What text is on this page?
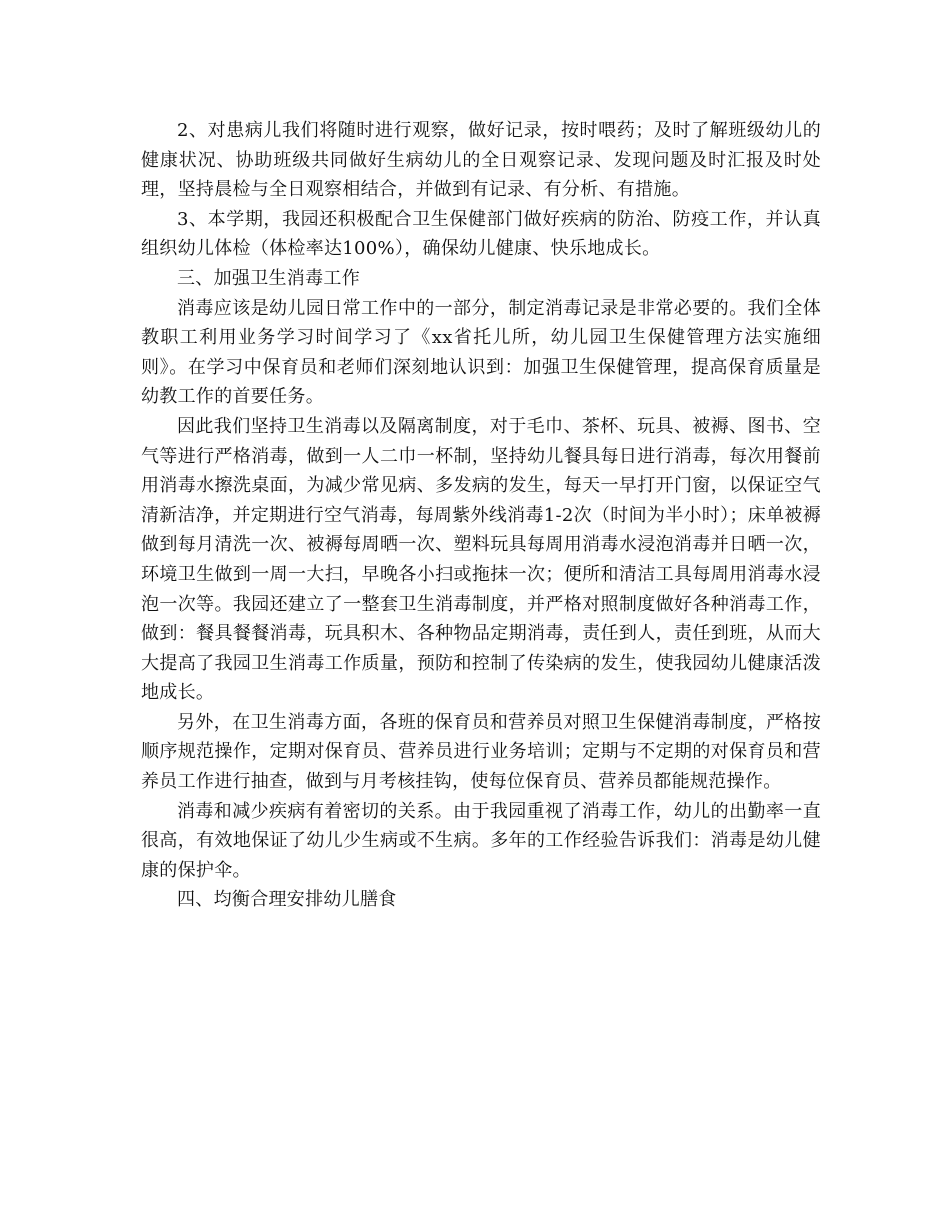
2、对患病儿我们将随时进行观察，做好记录，按时喂药；及时了解班级幼儿的健康状况、协助班级共同做好生病幼儿的全日观察记录、发现问题及时汇报及时处理，坚持晨检与全日观察相结合，并做到有记录、有分析、有措施。

3、本学期，我园还积极配合卫生保健部门做好疾病的防治、防疫工作，并认真组织幼儿体检（体检率达100%），确保幼儿健康、快乐地成长。

三、加强卫生消毒工作

消毒应该是幼儿园日常工作中的一部分，制定消毒记录是非常必要的。我们全体教职工利用业务学习时间学习了《xx省托儿所，幼儿园卫生保健管理方法实施细则》。在学习中保育员和老师们深刻地认识到：加强卫生保健管理，提高保育质量是幼教工作的首要任务。

因此我们坚持卫生消毒以及隔离制度，对于毛巾、茶杯、玩具、被褥、图书、空气等进行严格消毒，做到一人二巾一杯制，坚持幼儿餐具每日进行消毒，每次用餐前用消毒水擦洗桌面，为减少常见病、多发病的发生，每天一早打开门窗，以保证空气清新洁净，并定期进行空气消毒，每周紫外线消毒1-2次（时间为半小时）；床单被褥做到每月清洗一次、被褥每周晒一次、塑料玩具每周用消毒水浸泡消毒并日晒一次，环境卫生做到一周一大扫，早晚各小扫或拖抹一次；便所和清洁工具每周用消毒水浸泡一次等。我园还建立了一整套卫生消毒制度，并严格对照制度做好各种消毒工作，做到：餐具餐餐消毒，玩具积木、各种物品定期消毒，责任到人，责任到班，从而大大提高了我园卫生消毒工作质量，预防和控制了传染病的发生，使我园幼儿健康活泼地成长。

另外，在卫生消毒方面，各班的保育员和营养员对照卫生保健消毒制度，严格按顺序规范操作，定期对保育员、营养员进行业务培训；定期与不定期的对保育员和营养员工作进行抽查，做到与月考核挂钩，使每位保育员、营养员都能规范操作。

消毒和减少疾病有着密切的关系。由于我园重视了消毒工作，幼儿的出勤率一直很高，有效地保证了幼儿少生病或不生病。多年的工作经验告诉我们：消毒是幼儿健康的保护伞。

四、均衡合理安排幼儿膳食
